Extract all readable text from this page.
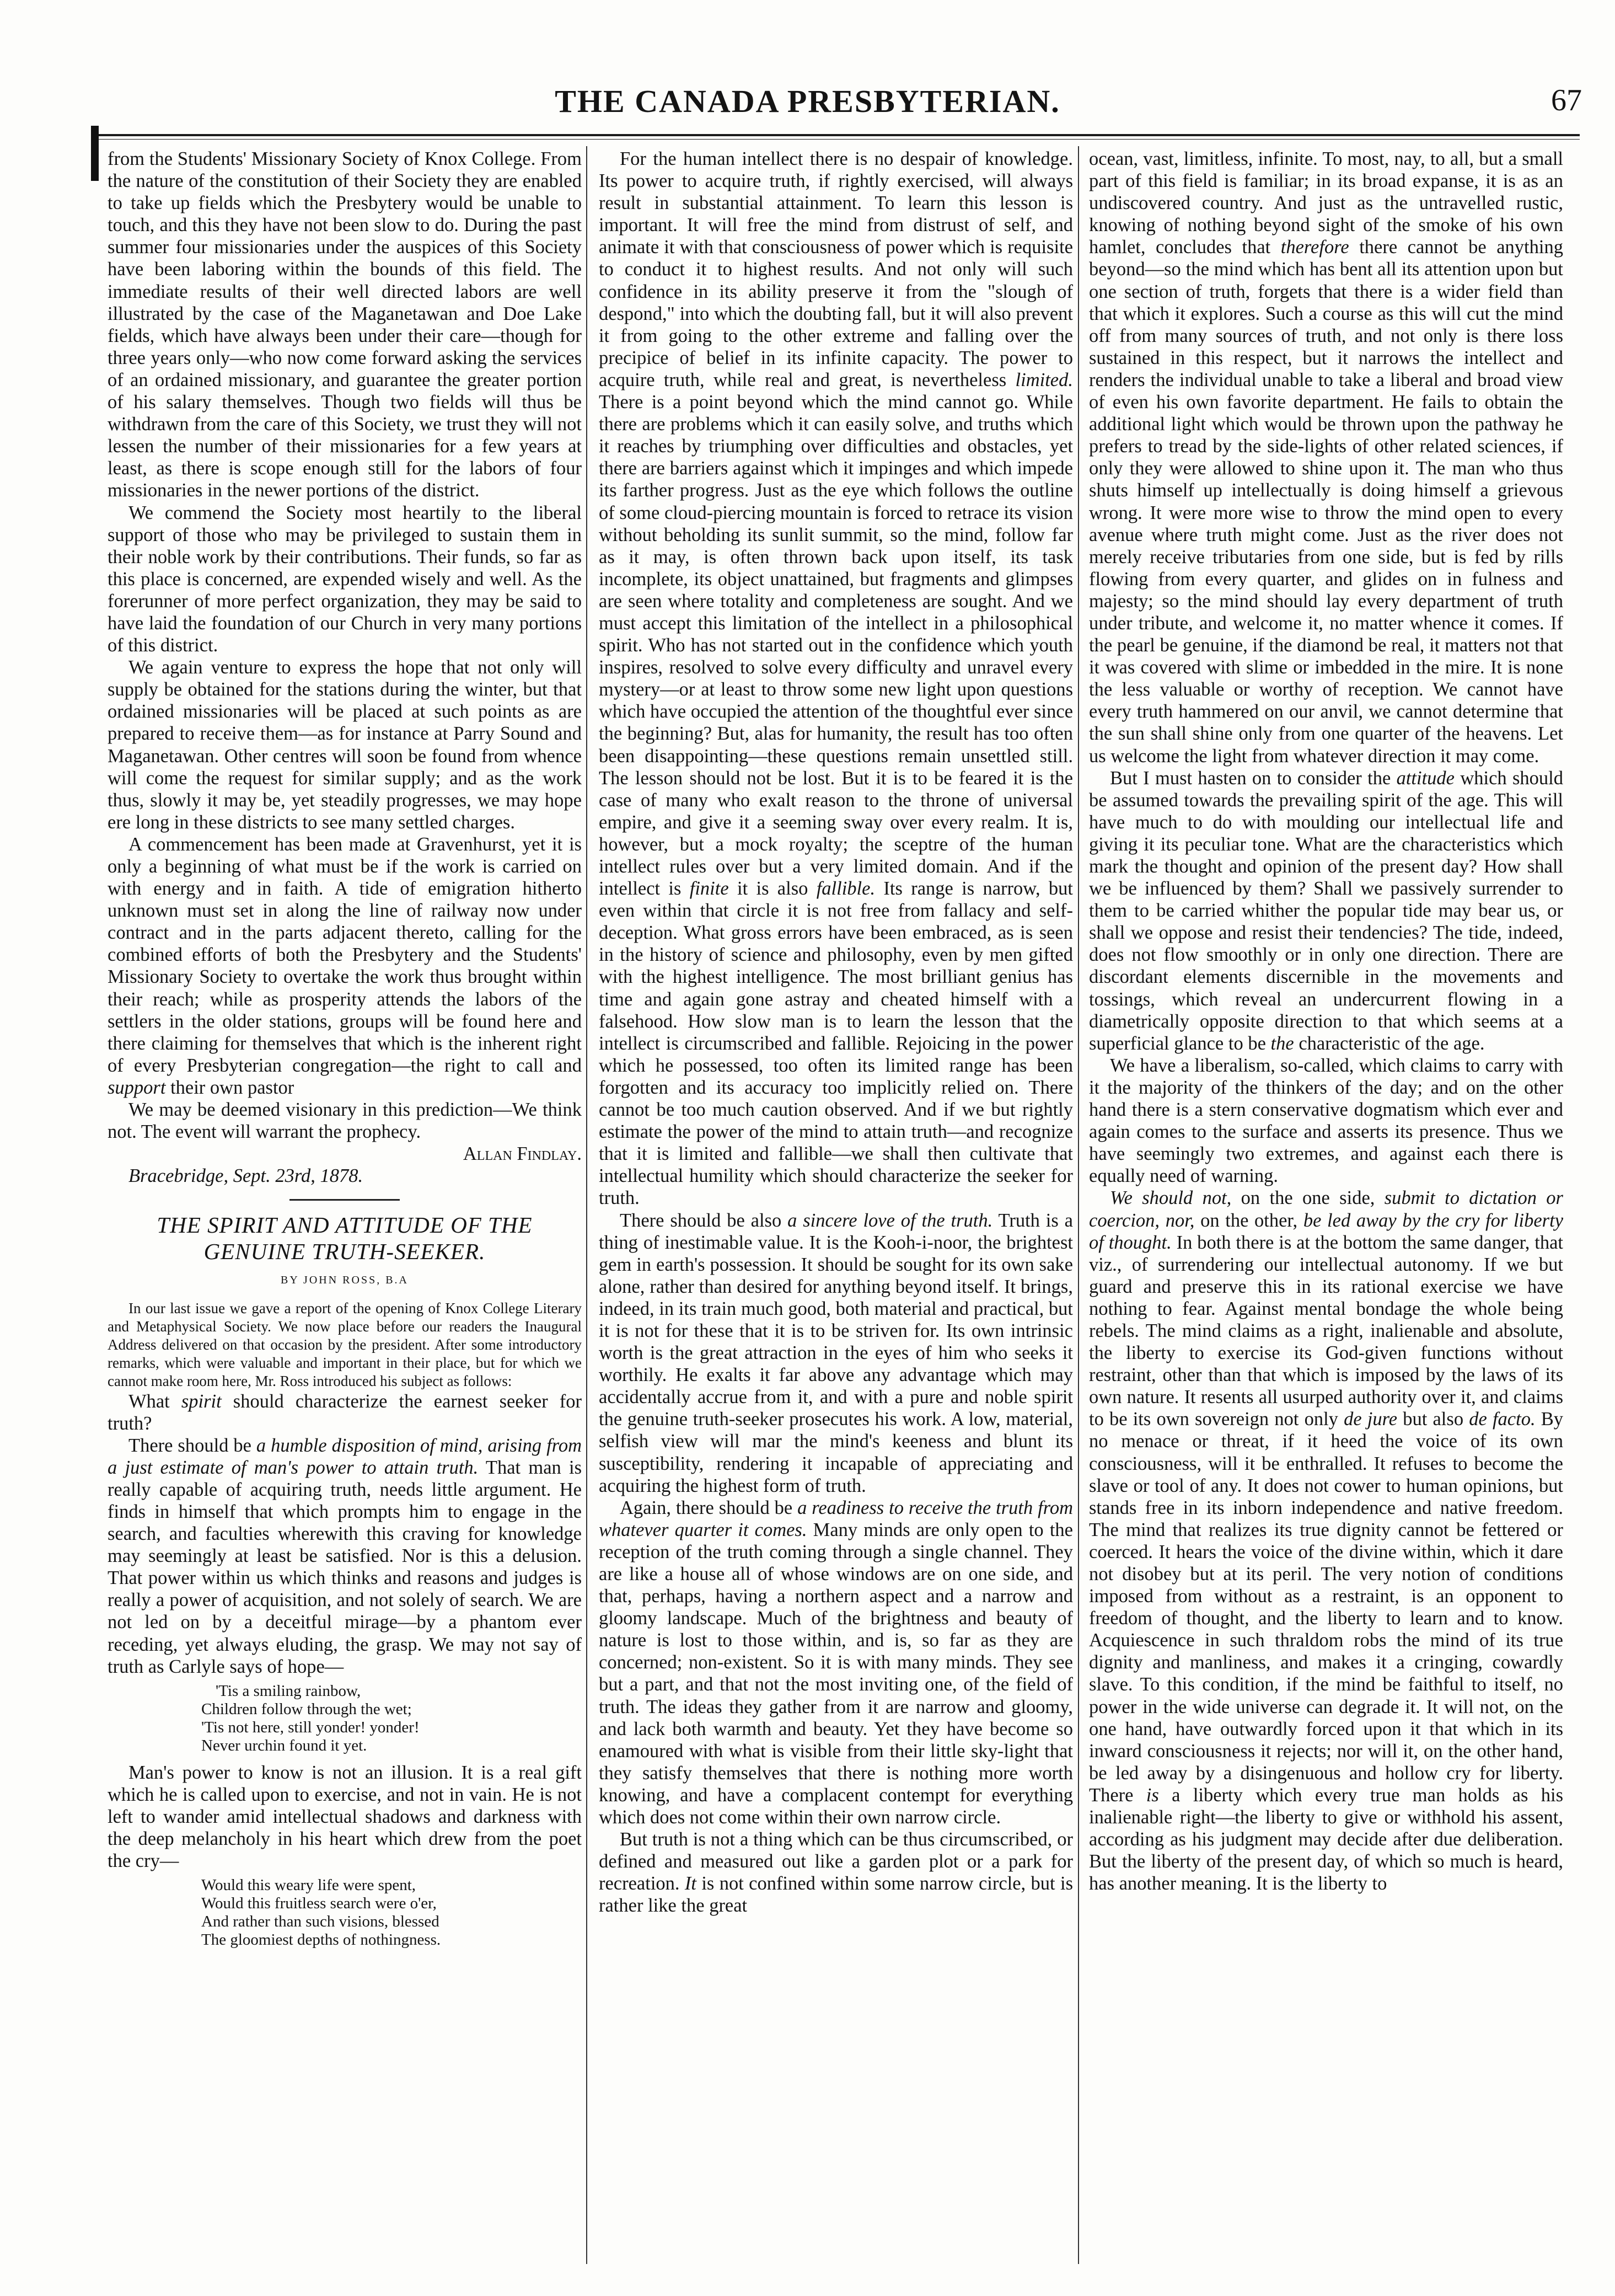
THE CANADA PRESBYTERIAN.	67

from the Students' Missionary Society of Knox College. From the nature of the constitution of their Society they are enabled to take up fields which the Presbytery would be unable to touch, and this they have not been slow to do. During the past summer four missionaries under the auspices of this Society have been laboring within the bounds of this field. The immediate results of their well directed labors are well illustrated by the case of the Maganetawan and Doe Lake fields, which have always been under their care—though for three years only—who now come forward asking the services of an ordained missionary, and guarantee the greater portion of his salary themselves. Though two fields will thus be withdrawn from the care of this Society, we trust they will not lessen the number of their missionaries for a few years at least, as there is scope enough still for the labors of four missionaries in the newer portions of the district.

We commend the Society most heartily to the liberal support of those who may be privileged to sustain them in their noble work by their contributions. Their funds, so far as this place is concerned, are expended wisely and well. As the forerunner of more perfect organization, they may be said to have laid the foundation of our Church in very many portions of this district.

We again venture to express the hope that not only will supply be obtained for the stations during the winter, but that ordained missionaries will be placed at such points as are prepared to receive them—as for instance at Parry Sound and Maganetawan. Other centres will soon be found from whence will come the request for similar supply; and as the work thus, slowly it may be, yet steadily progresses, we may hope ere long in these districts to see many settled charges.

A commencement has been made at Gravenhurst, yet it is only a beginning of what must be if the work is carried on with energy and in faith. A tide of emigration hitherto unknown must set in along the line of railway now under contract and in the parts adjacent thereto, calling for the combined efforts of both the Presbytery and the Students' Missionary Society to overtake the work thus brought within their reach; while as prosperity attends the labors of the settlers in the older stations, groups will be found here and there claiming for themselves that which is the inherent right of every Presbyterian congregation—the right to call and support their own pastor

We may be deemed visionary in this prediction—We think not. The event will warrant the prophecy.

Allan Findlay.

Bracebridge, Sept. 23rd, 1878.

THE SPIRIT AND ATTITUDE OF THE GENUINE TRUTH-SEEKER.
BY JOHN ROSS, B.A

In our last issue we gave a report of the opening of Knox College Literary and Metaphysical Society. We now place before our readers the Inaugural Address delivered on that occasion by the president. After some introductory remarks, which were valuable and important in their place, but for which we cannot make room here, Mr. Ross introduced his subject as follows:

What spirit should characterize the earnest seeker for truth?

There should be a humble disposition of mind, arising from a just estimate of man's power to attain truth. That man is really capable of acquiring truth, needs little argument. He finds in himself that which prompts him to engage in the search, and faculties wherewith this craving for knowledge may seemingly at least be satisfied. Nor is this a delusion. That power within us which thinks and reasons and judges is really a power of acquisition, and not solely of search. We are not led on by a deceitful mirage—by a phantom ever receding, yet always eluding, the grasp. We may not say of truth as Carlyle says of hope—

'Tis a smiling rainbow,
Children follow through the wet;
'Tis not here, still yonder! yonder!
Never urchin found it yet.

Man's power to know is not an illusion. It is a real gift which he is called upon to exercise, and not in vain. He is not left to wander amid intellectual shadows and darkness with the deep melancholy in his heart which drew from the poet the cry—

Would this weary life were spent,
Would this fruitless search were o'er,
And rather than such visions, blessed
The gloomiest depths of nothingness.

For the human intellect there is no despair of knowledge. Its power to acquire truth, if rightly exercised, will always result in substantial attainment. To learn this lesson is important. It will free the mind from distrust of self, and animate it with that consciousness of power which is requisite to conduct it to highest results. And not only will such confidence in its ability preserve it from the "slough of despond," into which the doubting fall, but it will also prevent it from going to the other extreme and falling over the precipice of belief in its infinite capacity. The power to acquire truth, while real and great, is nevertheless limited. There is a point beyond which the mind cannot go. While there are problems which it can easily solve, and truths which it reaches by triumphing over difficulties and obstacles, yet there are barriers against which it impinges and which impede its farther progress. Just as the eye which follows the outline of some cloud-piercing mountain is forced to retrace its vision without beholding its sunlit summit, so the mind, follow far as it may, is often thrown back upon itself, its task incomplete, its object unattained, but fragments and glimpses are seen where totality and completeness are sought. And we must accept this limitation of the intellect in a philosophical spirit. Who has not started out in the confidence which youth inspires, resolved to solve every difficulty and unravel every mystery—or at least to throw some new light upon questions which have occupied the attention of the thoughtful ever since the beginning? But, alas for humanity, the result has too often been disappointing—these questions remain unsettled still. The lesson should not be lost. But it is to be feared it is the case of many who exalt reason to the throne of universal empire, and give it a seeming sway over every realm. It is, however, but a mock royalty; the sceptre of the human intellect rules over but a very limited domain. And if the intellect is finite it is also fallible. Its range is narrow, but even within that circle it is not free from fallacy and self-deception. What gross errors have been embraced, as is seen in the history of science and philosophy, even by men gifted with the highest intelligence. The most brilliant genius has time and again gone astray and cheated himself with a falsehood. How slow man is to learn the lesson that the intellect is circumscribed and fallible. Rejoicing in the power which he possessed, too often its limited range has been forgotten and its accuracy too implicitly relied on. There cannot be too much caution observed. And if we but rightly estimate the power of the mind to attain truth—and recognize that it is limited and fallible—we shall then cultivate that intellectual humility which should characterize the seeker for truth.

There should be also a sincere love of the truth. Truth is a thing of inestimable value. It is the Kooh-i-noor, the brightest gem in earth's possession. It should be sought for its own sake alone, rather than desired for anything beyond itself. It brings, indeed, in its train much good, both material and practical, but it is not for these that it is to be striven for. Its own intrinsic worth is the great attraction in the eyes of him who seeks it worthily. He exalts it far above any advantage which may accidentally accrue from it, and with a pure and noble spirit the genuine truth-seeker prosecutes his work. A low, material, selfish view will mar the mind's keeness and blunt its susceptibility, rendering it incapable of appreciating and acquiring the highest form of truth.

Again, there should be a readiness to receive the truth from whatever quarter it comes. Many minds are only open to the reception of the truth coming through a single channel. They are like a house all of whose windows are on one side, and that, perhaps, having a northern aspect and a narrow and gloomy landscape. Much of the brightness and beauty of nature is lost to those within, and is, so far as they are concerned; non-existent. So it is with many minds. They see but a part, and that not the most inviting one, of the field of truth. The ideas they gather from it are narrow and gloomy, and lack both warmth and beauty. Yet they have become so enamoured with what is visible from their little sky-light that they satisfy themselves that there is nothing more worth knowing, and have a complacent contempt for everything which does not come within their own narrow circle.

But truth is not a thing which can be thus circumscribed, or defined and measured out like a garden plot or a park for recreation. It is not confined within some narrow circle, but is rather like the great

ocean, vast, limitless, infinite. To most, nay, to all, but a small part of this field is familiar; in its broad expanse, it is as an undiscovered country. And just as the untravelled rustic, knowing of nothing beyond sight of the smoke of his own hamlet, concludes that therefore there cannot be anything beyond—so the mind which has bent all its attention upon but one section of truth, forgets that there is a wider field than that which it explores. Such a course as this will cut the mind off from many sources of truth, and not only is there loss sustained in this respect, but it narrows the intellect and renders the individual unable to take a liberal and broad view of even his own favorite department. He fails to obtain the additional light which would be thrown upon the pathway he prefers to tread by the side-lights of other related sciences, if only they were allowed to shine upon it. The man who thus shuts himself up intellectually is doing himself a grievous wrong. It were more wise to throw the mind open to every avenue where truth might come. Just as the river does not merely receive tributaries from one side, but is fed by rills flowing from every quarter, and glides on in fulness and majesty; so the mind should lay every department of truth under tribute, and welcome it, no matter whence it comes. If the pearl be genuine, if the diamond be real, it matters not that it was covered with slime or imbedded in the mire. It is none the less valuable or worthy of reception. We cannot have every truth hammered on our anvil, we cannot determine that the sun shall shine only from one quarter of the heavens. Let us welcome the light from whatever direction it may come.

But I must hasten on to consider the attitude which should be assumed towards the prevailing spirit of the age. This will have much to do with moulding our intellectual life and giving it its peculiar tone. What are the characteristics which mark the thought and opinion of the present day? How shall we be influenced by them? Shall we passively surrender to them to be carried whither the popular tide may bear us, or shall we oppose and resist their tendencies? The tide, indeed, does not flow smoothly or in only one direction. There are discordant elements discernible in the movements and tossings, which reveal an undercurrent flowing in a diametrically opposite direction to that which seems at a superficial glance to be the characteristic of the age.

We have a liberalism, so-called, which claims to carry with it the majority of the thinkers of the day; and on the other hand there is a stern conservative dogmatism which ever and again comes to the surface and asserts its presence. Thus we have seemingly two extremes, and against each there is equally need of warning.

We should not, on the one side, submit to dictation or coercion, nor, on the other, be led away by the cry for liberty of thought. In both there is at the bottom the same danger, that viz., of surrendering our intellectual autonomy. If we but guard and preserve this in its rational exercise we have nothing to fear. Against mental bondage the whole being rebels. The mind claims as a right, inalienable and absolute, the liberty to exercise its God-given functions without restraint, other than that which is imposed by the laws of its own nature. It resents all usurped authority over it, and claims to be its own sovereign not only de jure but also de facto. By no menace or threat, if it heed the voice of its own consciousness, will it be enthralled. It refuses to become the slave or tool of any. It does not cower to human opinions, but stands free in its inborn independence and native freedom. The mind that realizes its true dignity cannot be fettered or coerced. It hears the voice of the divine within, which it dare not disobey but at its peril. The very notion of conditions imposed from without as a restraint, is an opponent to freedom of thought, and the liberty to learn and to know. Acquiescence in such thraldom robs the mind of its true dignity and manliness, and makes it a cringing, cowardly slave. To this condition, if the mind be faithful to itself, no power in the wide universe can degrade it. It will not, on the one hand, have outwardly forced upon it that which in its inward consciousness it rejects; nor will it, on the other hand, be led away by a disingenuous and hollow cry for liberty. There is a liberty which every true man holds as his inalienable right—the liberty to give or withhold his assent, according as his judgment may decide after due deliberation. But the liberty of the present day, of which so much is heard, has another meaning. It is the liberty to
